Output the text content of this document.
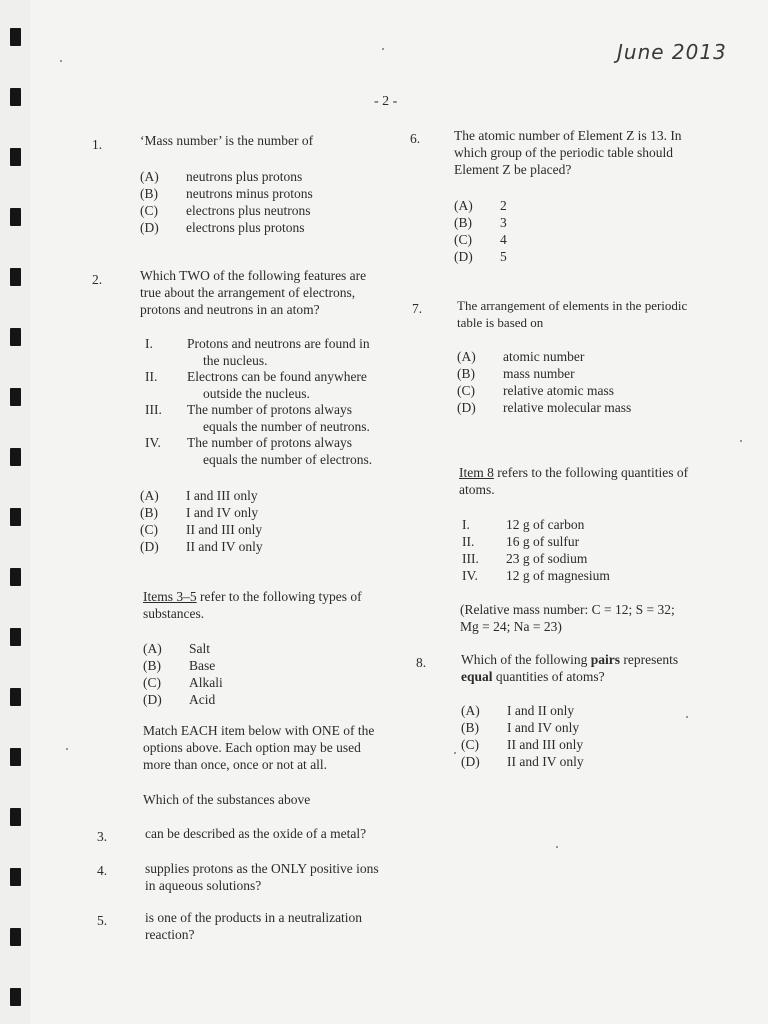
June 2013
- 2 -
1.	‘Mass number’ is the number of
(A) neutrons plus protons
(B) neutrons minus protons
(C) electrons plus neutrons
(D) electrons plus protons
2.	Which TWO of the following features are
true about the arrangement of electrons,
protons and neutrons in an atom?
I.	Protons and neutrons are found in
the nucleus.
II. Electrons can be found anywhere
outside the nucleus.
III. The number of protons always
equals the number of neutrons.
IV. The number of protons always
equals the number of electrons.
(A) I and III only
(B) I and IV only
(C) II and III only
(D) II and IV only
Items 3–5 refer to the following types of
substances.
(A) Salt
(B) Base
(C) Alkali
(D) Acid
Match EACH item below with ONE of the
options above. Each option may be used
more than once, once or not at all.
Which of the substances above
3.	can be described as the oxide of a metal?
4.	supplies protons as the ONLY positive ions
in aqueous solutions?
5.	is one of the products in a neutralization
reaction?
6.	The atomic number of Element Z is 13. In
which group of the periodic table should
Element Z be placed?
(A) 2
(B) 3
(C) 4
(D) 5
7.	The arrangement of elements in the periodic
table is based on
(A) atomic number
(B) mass number
(C) relative atomic mass
(D) relative molecular mass
Item 8 refers to the following quantities of
atoms.
I.	12 g of carbon
II. 16 g of sulfur
III. 23 g of sodium
IV. 12 g of magnesium
(Relative mass number: C = 12; S = 32;
Mg = 24; Na = 23)
8.	Which of the following pairs represents
equal quantities of atoms?
(A) I and II only
(B) I and IV only
(C) II and III only
(D) II and IV only
